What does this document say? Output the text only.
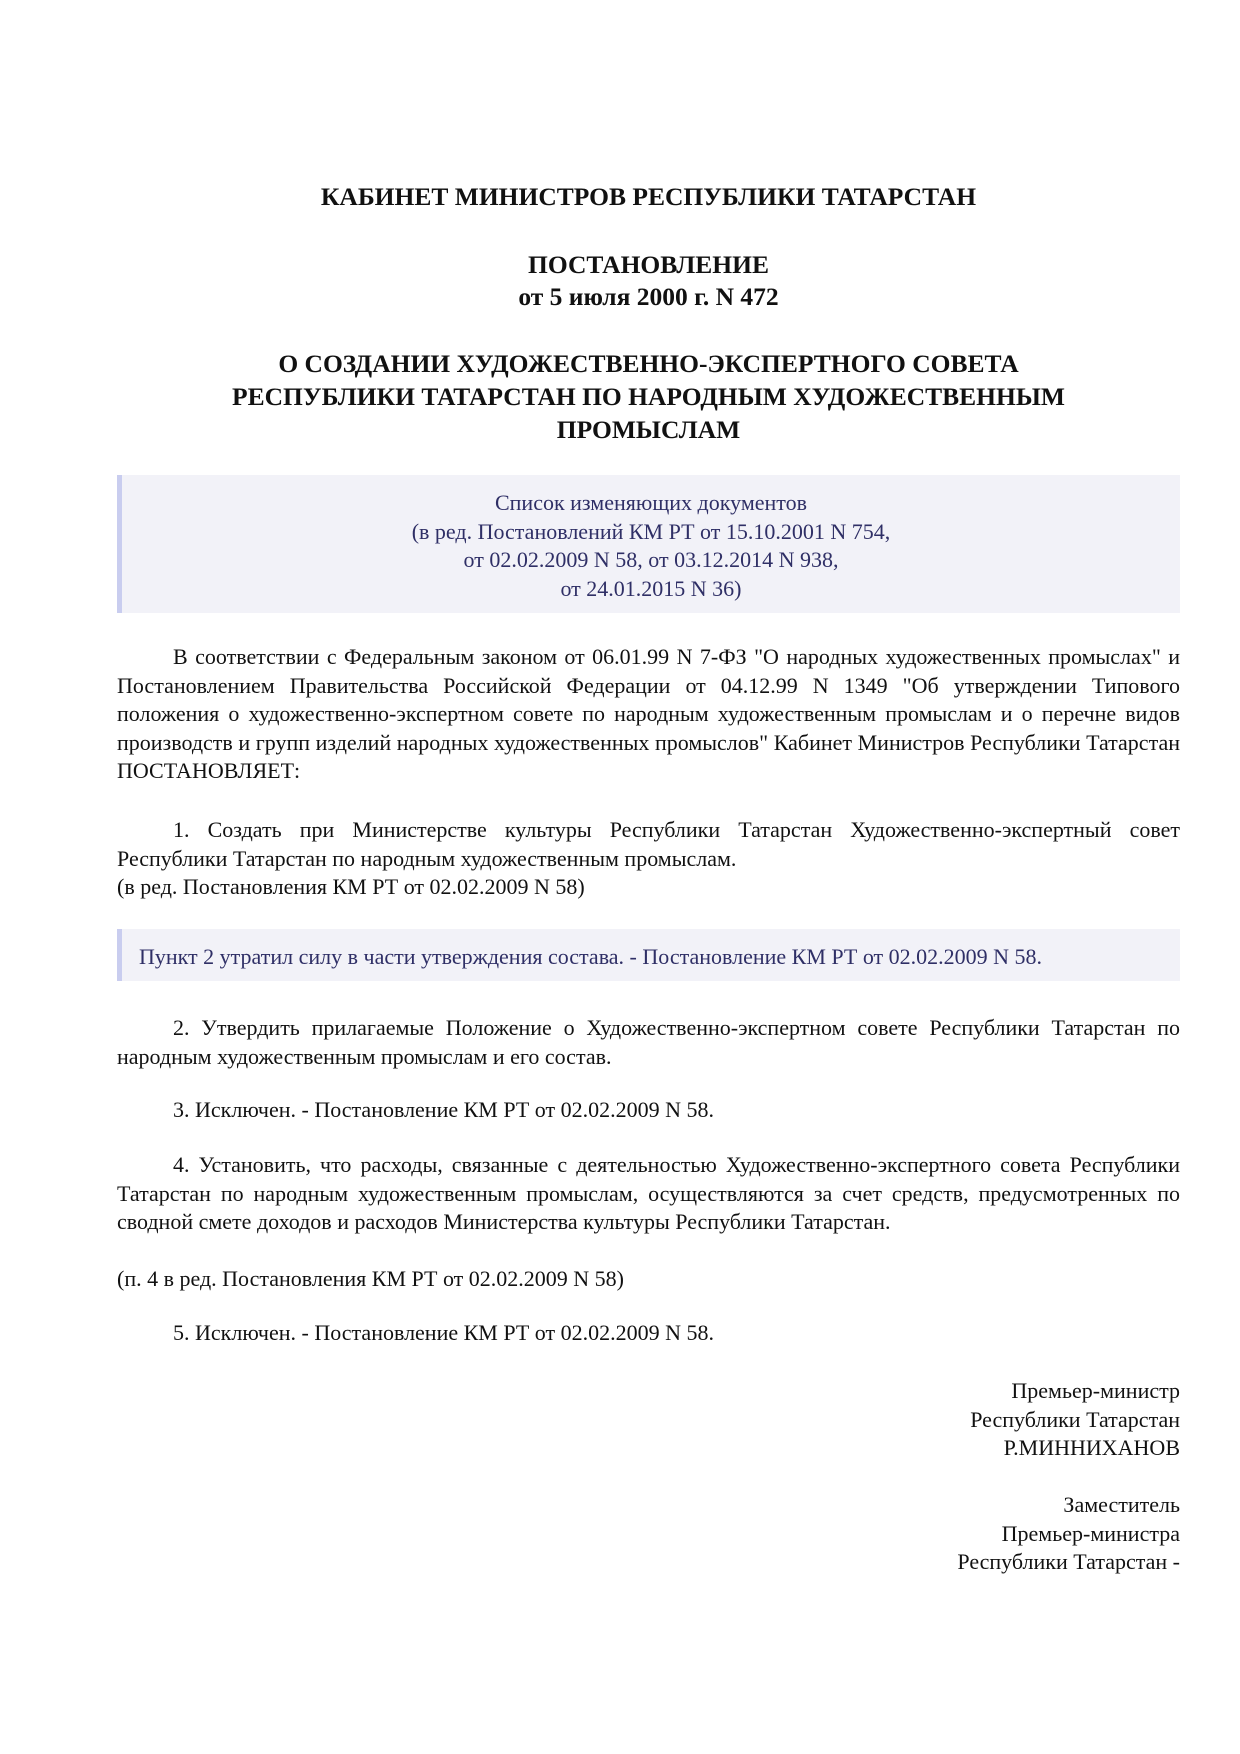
КАБИНЕТ МИНИСТРОВ РЕСПУБЛИКИ ТАТАРСТАН
ПОСТАНОВЛЕНИЕ
от 5 июля 2000 г. N 472

О СОЗДАНИИ ХУДОЖЕСТВЕННО-ЭКСПЕРТНОГО СОВЕТА

РЕСПУБЛИКИ ТАТАРСТАН ПО НАРОДНЫМ ХУДОЖЕСТВЕННЫМ

ПРОМЫСЛАМ

Список изменяющих документов

(в ред. Постановлений КМ РТ от 15.10.2001 N 754,

от 02.02.2009 N 58, от 03.12.2014 N 938,

от 24.01.2015 N 36)

В соответствии с Федеральным законом от 06.01.99 N 7-ФЗ "О народных художественных промыслах" и Постановлением Правительства Российской Федерации от 04.12.99 N 1349 "Об утверждении Типового положения о художественно-экспертном совете по народным художественным промыслам и о перечне видов производств и групп изделий народных художественных промыслов" Кабинет Министров Республики Татарстан ПОСТАНОВЛЯЕТ:

1. Создать при Министерстве культуры Республики Татарстан Художественно-экспертный совет Республики Татарстан по народным художественным промыслам.

(в ред. Постановления КМ РТ от 02.02.2009 N 58)

Пункт 2 утратил силу в части утверждения состава. - Постановление КМ РТ от 02.02.2009 N 58.

2. Утвердить прилагаемые Положение о Художественно-экспертном совете Республики Татарстан по народным художественным промыслам и его состав.

3. Исключен. - Постановление КМ РТ от 02.02.2009 N 58.

4. Установить, что расходы, связанные с деятельностью Художественно-экспертного совета Республики Татарстан по народным художественным промыслам, осуществляются за счет средств, предусмотренных по сводной смете доходов и расходов Министерства культуры Республики Татарстан.

(п. 4 в ред. Постановления КМ РТ от 02.02.2009 N 58)

5. Исключен. - Постановление КМ РТ от 02.02.2009 N 58.

Премьер-министр

Республики Татарстан

Р.МИННИХАНОВ

Заместитель

Премьер-министра

Республики Татарстан -
